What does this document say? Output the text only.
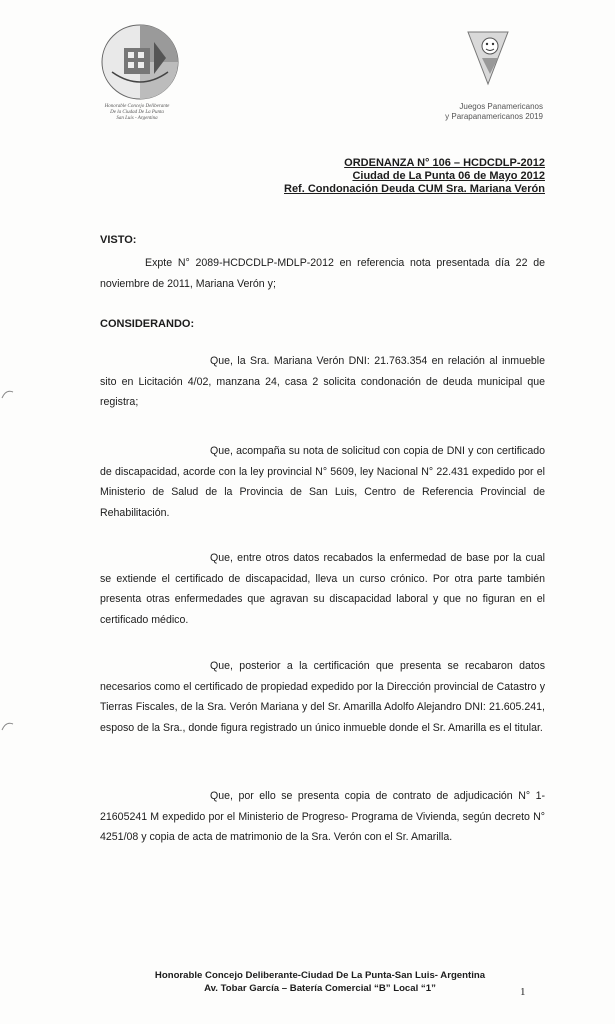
Honorable Concejo Deliberante
De la Ciudad De La Punta
San Luis - Argentina
Juegos Panamericanos
y Parapanamericanos 2019
ORDENANZA N° 106 – HCDCDLP-2012
Ciudad de La Punta 06 de Mayo 2012
Ref. Condonación Deuda CUM Sra. Mariana Verón
VISTO:
Expte N° 2089-HCDCDLP-MDLP-2012 en referencia nota presentada día 22 de noviembre de 2011, Mariana Verón y;
CONSIDERANDO:
Que, la Sra. Mariana Verón DNI: 21.763.354 en relación al inmueble sito en Licitación 4/02, manzana 24, casa 2 solicita condonación de deuda municipal que registra;
Que, acompaña su nota de solicitud con copia de DNI y con certificado de discapacidad, acorde con la ley provincial N° 5609, ley Nacional N° 22.431 expedido por el Ministerio de Salud de la Provincia de San Luis, Centro de Referencia Provincial de Rehabilitación.
Que, entre otros datos recabados la enfermedad de base por la cual se extiende el certificado de discapacidad, lleva un curso crónico. Por otra parte también presenta otras enfermedades que agravan su discapacidad laboral y que no figuran en el certificado médico.
Que, posterior a la certificación que presenta se recabaron datos necesarios como el certificado de propiedad expedido por la Dirección provincial de Catastro y Tierras Fiscales, de la Sra. Verón Mariana y del Sr. Amarilla Adolfo Alejandro DNI: 21.605.241, esposo de la Sra., donde figura registrado un único inmueble donde el Sr. Amarilla es el titular.
Que, por ello se presenta copia de contrato de adjudicación N° 1-21605241 M expedido por el Ministerio de Progreso- Programa de Vivienda, según decreto N° 4251/08 y copia de acta de matrimonio de la Sra. Verón con el Sr. Amarilla.
Honorable Concejo Deliberante-Ciudad De La Punta-San Luis- Argentina
Av. Tobar García – Batería Comercial “B” Local “1”	1
